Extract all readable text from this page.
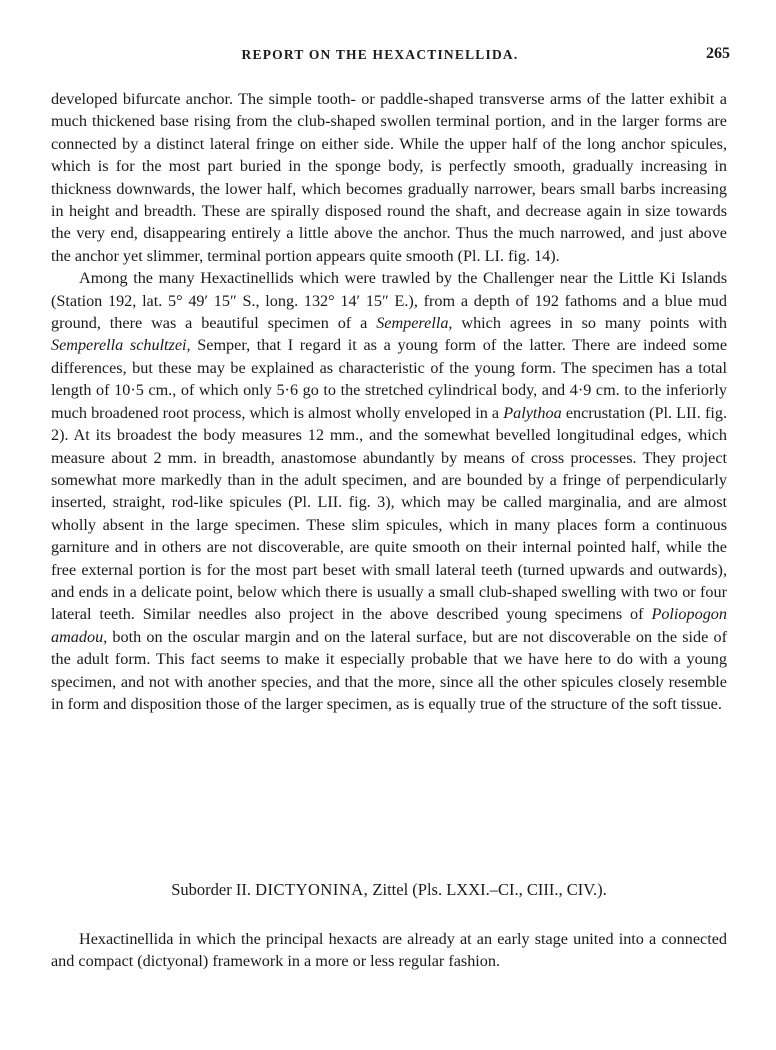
REPORT ON THE HEXACTINELLIDA.	265

developed bifurcate anchor. The simple tooth- or paddle-shaped transverse arms of the latter exhibit a much thickened base rising from the club-shaped swollen terminal portion, and in the larger forms are connected by a distinct lateral fringe on either side. While the upper half of the long anchor spicules, which is for the most part buried in the sponge body, is perfectly smooth, gradually increasing in thickness downwards, the lower half, which becomes gradually narrower, bears small barbs increasing in height and breadth. These are spirally disposed round the shaft, and decrease again in size towards the very end, disappearing entirely a little above the anchor. Thus the much narrowed, and just above the anchor yet slimmer, terminal portion appears quite smooth (Pl. LI. fig. 14).

Among the many Hexactinellids which were trawled by the Challenger near the Little Ki Islands (Station 192, lat. 5° 49′ 15″ S., long. 132° 14′ 15″ E.), from a depth of 192 fathoms and a blue mud ground, there was a beautiful specimen of a Semperella, which agrees in so many points with Semperella schultzei, Semper, that I regard it as a young form of the latter. There are indeed some differences, but these may be explained as characteristic of the young form. The specimen has a total length of 10·5 cm., of which only 5·6 go to the stretched cylindrical body, and 4·9 cm. to the inferiorly much broadened root process, which is almost wholly enveloped in a Palythoa encrustation (Pl. LII. fig. 2). At its broadest the body measures 12 mm., and the somewhat bevelled longitudinal edges, which measure about 2 mm. in breadth, anastomose abundantly by means of cross processes. They project somewhat more markedly than in the adult specimen, and are bounded by a fringe of perpendicularly inserted, straight, rod-like spicules (Pl. LII. fig. 3), which may be called marginalia, and are almost wholly absent in the large specimen. These slim spicules, which in many places form a continuous garniture and in others are not discoverable, are quite smooth on their internal pointed half, while the free external portion is for the most part beset with small lateral teeth (turned upwards and outwards), and ends in a delicate point, below which there is usually a small club-shaped swelling with two or four lateral teeth. Similar needles also project in the above described young specimens of Poliopogon amadou, both on the oscular margin and on the lateral surface, but are not discoverable on the side of the adult form. This fact seems to make it especially probable that we have here to do with a young specimen, and not with another species, and that the more, since all the other spicules closely resemble in form and disposition those of the larger specimen, as is equally true of the structure of the soft tissue.

Suborder II. DICTYONINA, Zittel (Pls. LXXI.–CI., CIII., CIV.).

Hexactinellida in which the principal hexacts are already at an early stage united into a connected and compact (dictyonal) framework in a more or less regular fashion.
